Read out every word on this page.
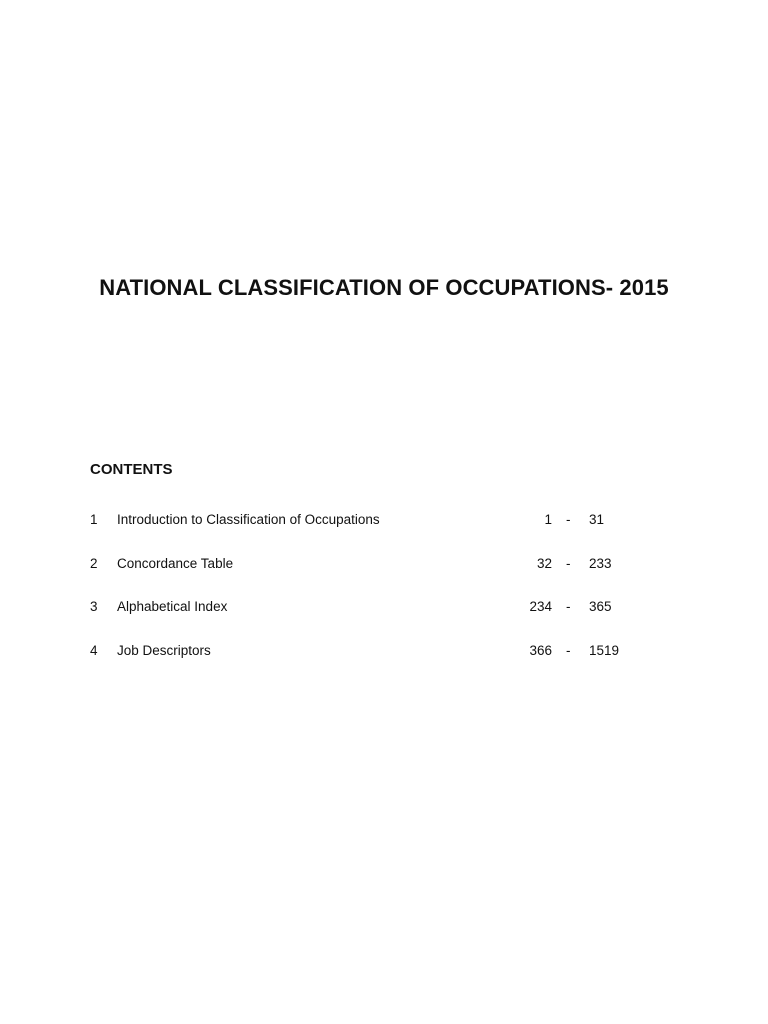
NATIONAL CLASSIFICATION OF OCCUPATIONS- 2015
CONTENTS
1 Introduction to Classification of Occupations	1 - 31
2 Concordance Table	32 - 233
3 Alphabetical Index	234 - 365
4 Job Descriptors	366 - 1519
